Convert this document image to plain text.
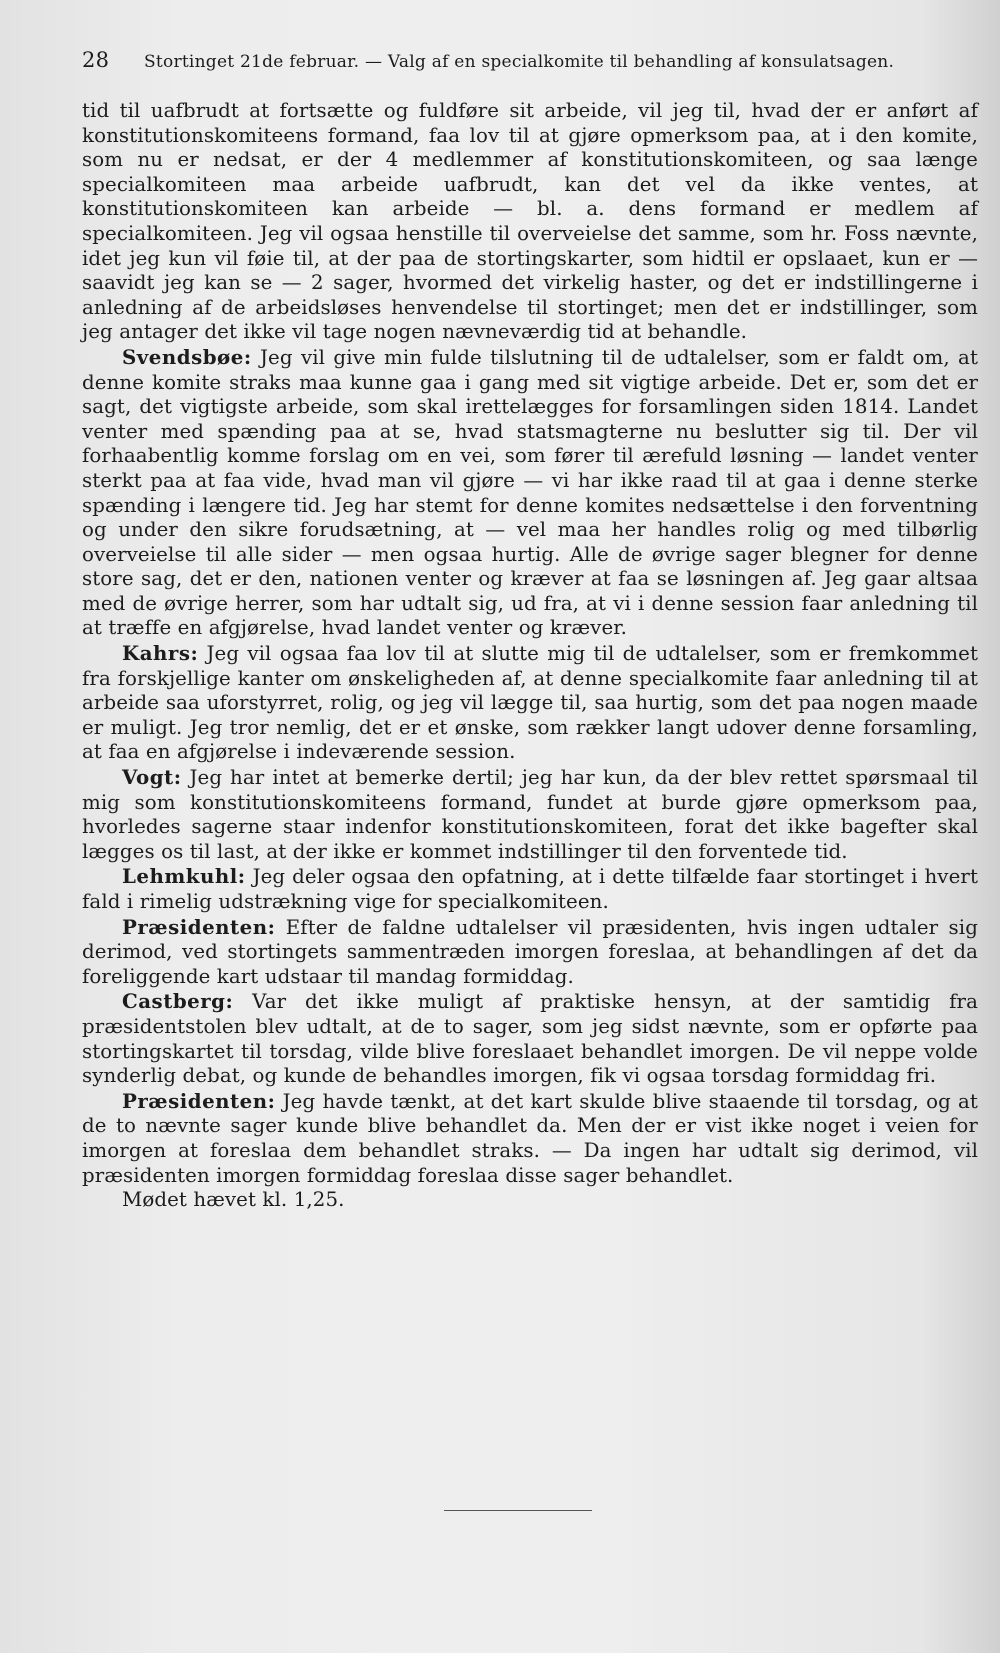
28 Stortinget 21de februar. — Valg af en specialkomite til behandling af konsulatsagen.

tid til uafbrudt at fortsætte og fuldføre sit arbeide, vil jeg til, hvad der er anført af konstitutionskomiteens formand, faa lov til at gjøre opmerksom paa, at i den komite, som nu er nedsat, er der 4 medlemmer af konstitutionskomiteen, og saa længe specialkomiteen maa arbeide uafbrudt, kan det vel da ikke ventes, at konstitutionskomiteen kan arbeide — bl. a. dens formand er medlem af specialkomiteen. Jeg vil ogsaa henstille til overveielse det samme, som hr. Foss nævnte, idet jeg kun vil føie til, at der paa de stortingskarter, som hidtil er opslaaet, kun er — saavidt jeg kan se — 2 sager, hvormed det virkelig haster, og det er indstillingerne i anledning af de arbeidsløses henvendelse til stortinget; men det er indstillinger, som jeg antager det ikke vil tage nogen nævneværdig tid at behandle.

Svendsbøe: Jeg vil give min fulde tilslutning til de udtalelser, som er faldt om, at denne komite straks maa kunne gaa i gang med sit vigtige arbeide. Det er, som det er sagt, det vigtigste arbeide, som skal irettelægges for forsamlingen siden 1814. Landet venter med spænding paa at se, hvad statsmagterne nu beslutter sig til. Der vil forhaabentlig komme forslag om en vei, som fører til ærefuld løsning — landet venter sterkt paa at faa vide, hvad man vil gjøre — vi har ikke raad til at gaa i denne sterke spænding i længere tid. Jeg har stemt for denne komites nedsættelse i den forventning og under den sikre forudsætning, at — vel maa her handles rolig og med tilbørlig overveielse til alle sider — men ogsaa hurtig. Alle de øvrige sager blegner for denne store sag, det er den, nationen venter og kræver at faa se løsningen af. Jeg gaar altsaa med de øvrige herrer, som har udtalt sig, ud fra, at vi i denne session faar anledning til at træffe en afgjørelse, hvad landet venter og kræver.

Kahrs: Jeg vil ogsaa faa lov til at slutte mig til de udtalelser, som er fremkommet fra forskjellige kanter om ønskeligheden af, at denne specialkomite faar anledning til at arbeide saa uforstyrret, rolig, og jeg vil lægge til, saa hurtig, som det paa nogen maade er muligt. Jeg tror nemlig, det er et ønske, som rækker langt udover denne forsamling, at faa en afgjørelse i indeværende session.

Vogt: Jeg har intet at bemerke dertil; jeg har kun, da der blev rettet spørsmaal til mig som konstitutionskomiteens formand, fundet at burde gjøre opmerksom paa, hvorledes sagerne staar indenfor konstitutionskomiteen, forat det ikke bagefter skal lægges os til last, at der ikke er kommet indstillinger til den forventede tid.

Lehmkuhl: Jeg deler ogsaa den opfatning, at i dette tilfælde faar stortinget i hvert fald i rimelig udstrækning vige for specialkomiteen.

Præsidenten: Efter de faldne udtalelser vil præsidenten, hvis ingen udtaler sig derimod, ved stortingets sammentræden imorgen foreslaa, at behandlingen af det da foreliggende kart udstaar til mandag formiddag.

Castberg: Var det ikke muligt af praktiske hensyn, at der samtidig fra præsidentstolen blev udtalt, at de to sager, som jeg sidst nævnte, som er opførte paa stortingskartet til torsdag, vilde blive foreslaaet behandlet imorgen. De vil neppe volde synderlig debat, og kunde de behandles imorgen, fik vi ogsaa torsdag formiddag fri.

Præsidenten: Jeg havde tænkt, at det kart skulde blive staaende til torsdag, og at de to nævnte sager kunde blive behandlet da. Men der er vist ikke noget i veien for imorgen at foreslaa dem behandlet straks. — Da ingen har udtalt sig derimod, vil præsidenten imorgen formiddag foreslaa disse sager behandlet.

Mødet hævet kl. 1,25.
